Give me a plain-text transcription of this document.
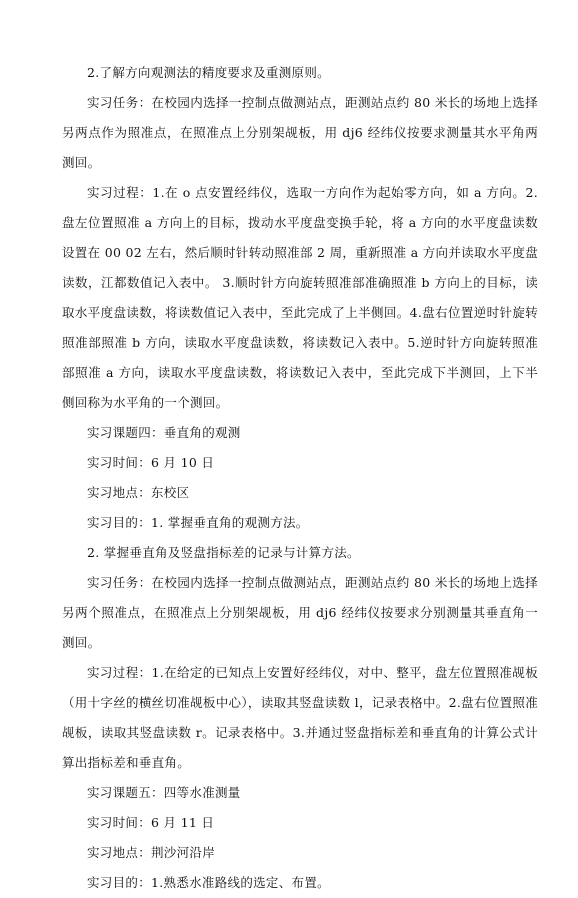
2.了解方向观测法的精度要求及重测原则。

实习任务：在校园内选择一控制点做测站点，距测站点约 80 米长的场地上选择另两点作为照准点，在照准点上分别架觇板，用 dj6 经纬仪按要求测量其水平角两测回。

实习过程：1.在 o 点安置经纬仪，选取一方向作为起始零方向，如 a 方向。2.盘左位置照准 a 方向上的目标，拨动水平度盘变换手轮，将 a 方向的水平度盘读数设置在 00 02 左右，然后顺时针转动照准部 2 周，重新照准 a 方向并读取水平度盘读数，江都数值记入表中。 3.顺时针方向旋转照准部准确照准 b 方向上的目标，读取水平度盘读数，将读数值记入表中，至此完成了上半侧回。4.盘右位置逆时针旋转照准部照准 b 方向，读取水平度盘读数，将读数记入表中。5.逆时针方向旋转照准部照准 a 方向，读取水平度盘读数，将读数记入表中，至此完成下半测回，上下半侧回称为水平角的一个测回。

实习课题四：垂直角的观测

实习时间：6 月 10 日

实习地点：东校区

实习目的：1. 掌握垂直角的观测方法。

2. 掌握垂直角及竖盘指标差的记录与计算方法。

实习任务：在校园内选择一控制点做测站点，距测站点约 80 米长的场地上选择另两个照准点，在照准点上分别架觇板，用 dj6 经纬仪按要求分别测量其垂直角一测回。

实习过程：1.在给定的已知点上安置好经纬仪，对中、整平，盘左位置照准觇板（用十字丝的横丝切准觇板中心），读取其竖盘读数 l，记录表格中。2.盘右位置照准觇板，读取其竖盘读数 r。记录表格中。3.并通过竖盘指标差和垂直角的计算公式计算出指标差和垂直角。

实习课题五：四等水准测量

实习时间：6 月 11 日

实习地点：荆沙河沿岸

实习目的：1.熟悉水准路线的选定、布置。
